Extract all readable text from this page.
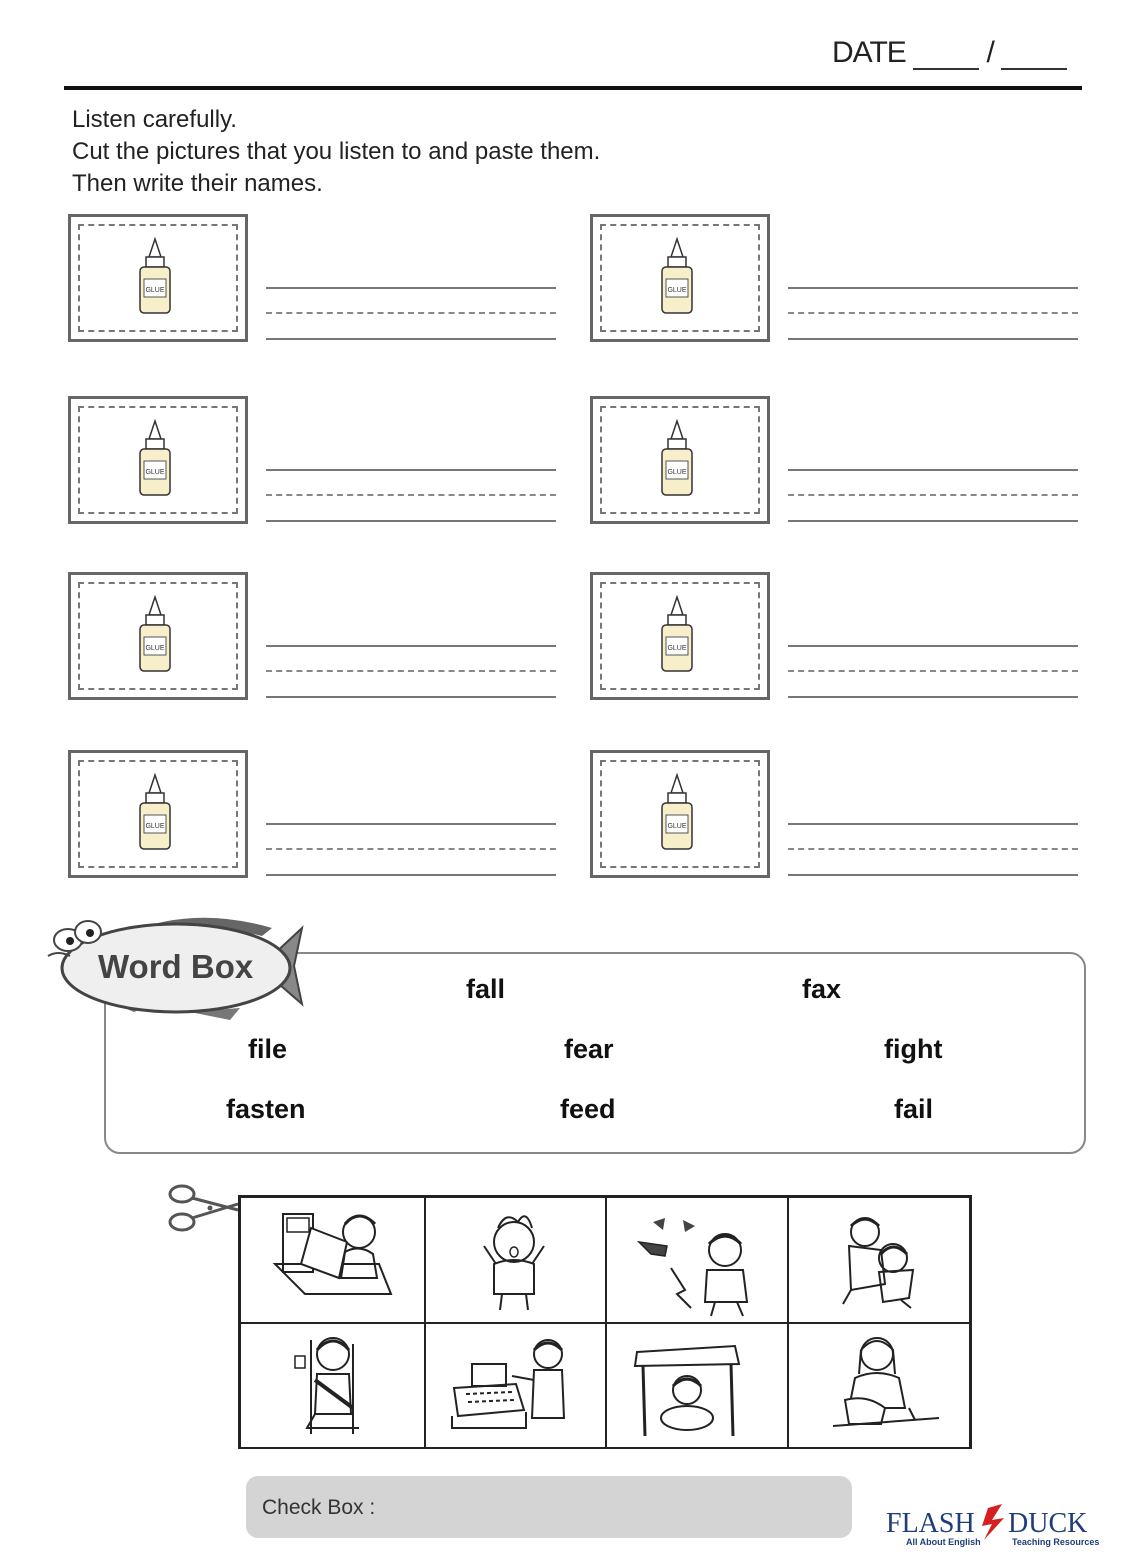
DATE	/
Listen carefully.
Cut the pictures that you listen to and paste them.
Then write their names.
GLUE	GLUE
GLUE	GLUE
GLUE	GLUE
GLUE	GLUE
fall	fax
file	fear	fight
fasten	feed	fail
Word Box
Check Box :
FLASH DUCK
All About English	Teaching Resources
